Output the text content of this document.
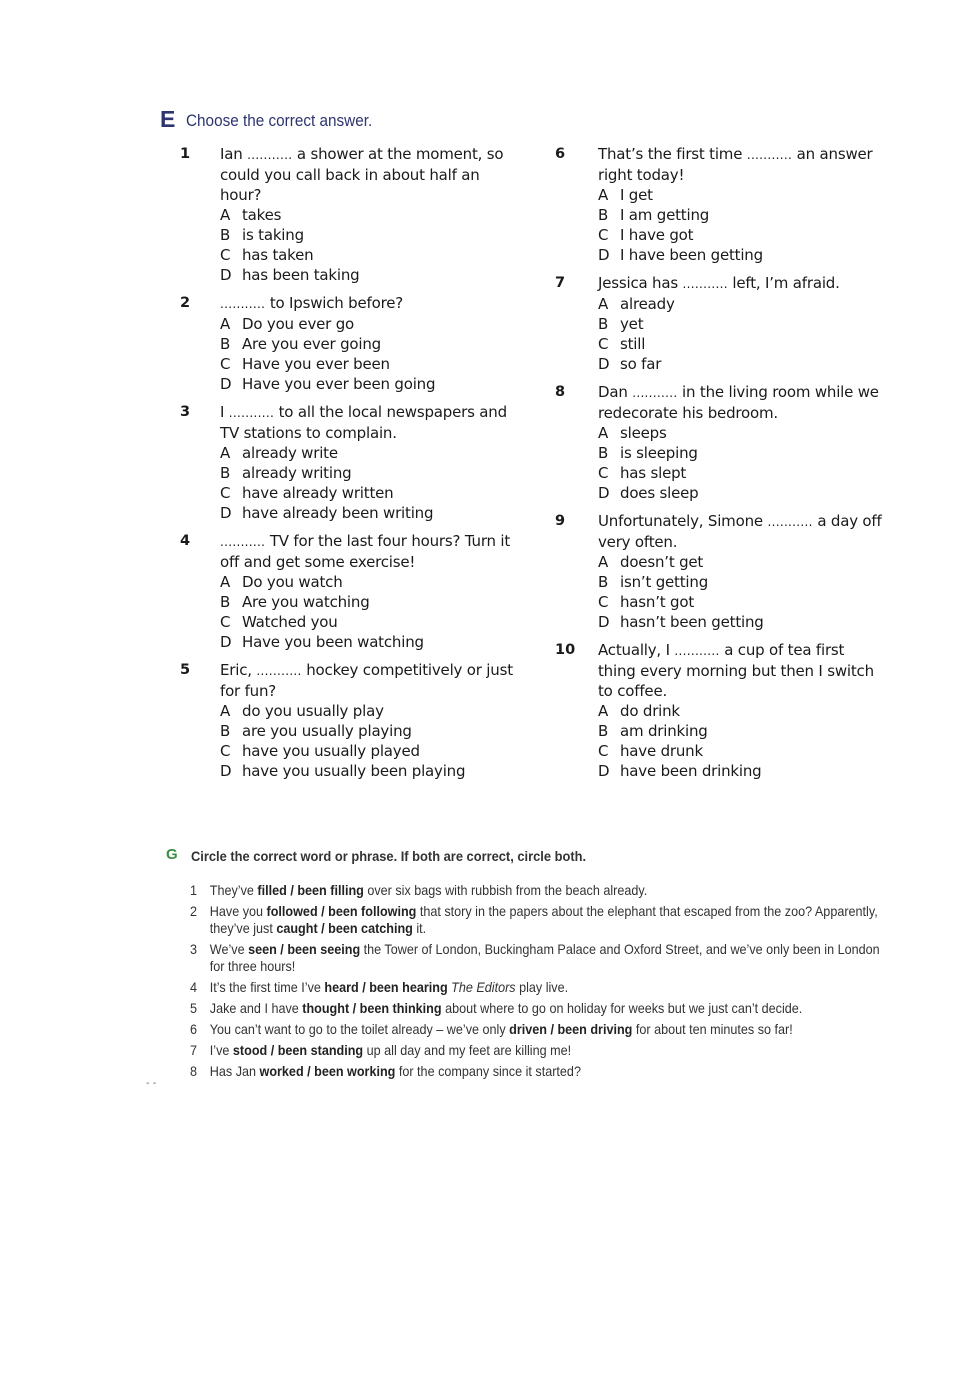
E Choose the correct answer.
1	Ian ........... a shower at the moment, so could you call back in about half an hour?
A takes
B is taking
C has taken
D has been taking
2	........... to Ipswich before?
A Do you ever go
B Are you ever going
C Have you ever been
D Have you ever been going
3	I ........... to all the local newspapers and TV stations to complain.
A already write
B already writing
C have already written
D have already been writing
4	........... TV for the last four hours? Turn it off and get some exercise!
A Do you watch
B Are you watching
C Watched you
D Have you been watching
5	Eric, ........... hockey competitively or just for fun?
A do you usually play
B are you usually playing
C have you usually played
D have you usually been playing
6	That’s the first time ........... an answer right today!
A I get
B I am getting
C I have got
D I have been getting
7	Jessica has ........... left, I’m afraid.
A already
B yet
C still
D so far
8	Dan ........... in the living room while we redecorate his bedroom.
A sleeps
B is sleeping
C has slept
D does sleep
9	Unfortunately, Simone ........... a day off very often.
A doesn’t get
B isn’t getting
C hasn’t got
D hasn’t been getting
10	Actually, I ........... a cup of tea first thing every morning but then I switch to coffee.
A do drink
B am drinking
C have drunk
D have been drinking
G Circle the correct word or phrase. If both are correct, circle both.
1 They’ve filled / been filling over six bags with rubbish from the beach already.
2 Have you followed / been following that story in the papers about the elephant that escaped from the zoo? Apparently, they’ve just caught / been catching it.
3 We’ve seen / been seeing the Tower of London, Buckingham Palace and Oxford Street, and we’ve only been in London for three hours!
4 It’s the first time I’ve heard / been hearing The Editors play live.
5 Jake and I have thought / been thinking about where to go on holiday for weeks but we just can’t decide.
6 You can’t want to go to the toilet already – we’ve only driven / been driving for about ten minutes so far!
7 I’ve stood / been standing up all day and my feet are killing me!
8 Has Jan worked / been working for the company since it started?
- -
